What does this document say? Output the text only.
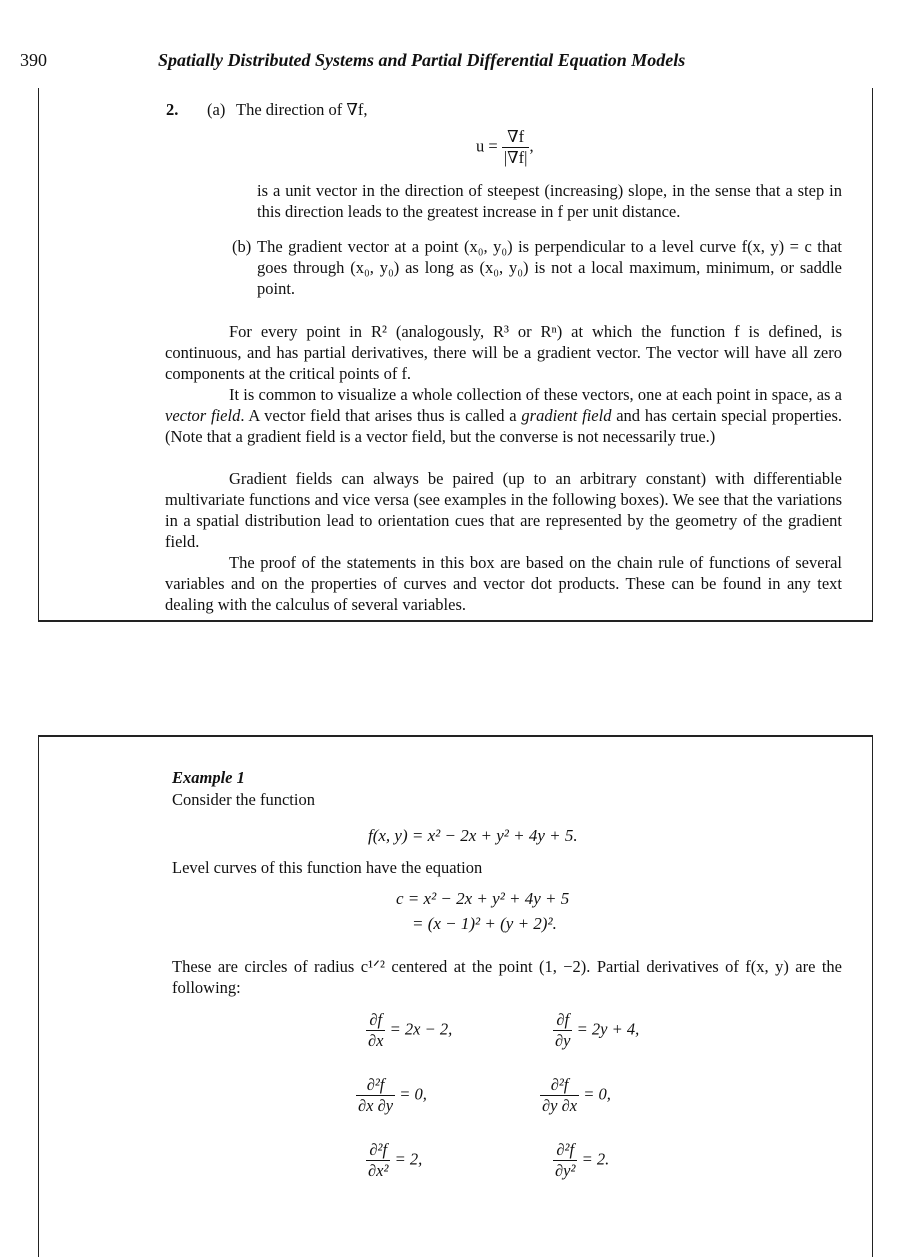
390	Spatially Distributed Systems and Partial Differential Equation Models
2. (a) The direction of ∇f,
$u = \frac{\nabla f}{|\nabla f|}$ ,
is a unit vector in the direction of steepest (increasing) slope, in the sense that a step in this direction leads to the greatest increase in f per unit distance.
(b) The gradient vector at a point (x₀, y₀) is perpendicular to a level curve f(x, y) = c that goes through (x₀, y₀) as long as (x₀, y₀) is not a local maximum, minimum, or saddle point.
For every point in R² (analogously, R³ or Rⁿ) at which the function f is defined, is continuous, and has partial derivatives, there will be a gradient vector. The vector will have all zero components at the critical points of f.
It is common to visualize a whole collection of these vectors, one at each point in space, as a vector field. A vector field that arises thus is called a gradient field and has certain special properties. (Note that a gradient field is a vector field, but the converse is not necessarily true.)
Gradient fields can always be paired (up to an arbitrary constant) with differentiable multivariate functions and vice versa (see examples in the following boxes). We see that the variations in a spatial distribution lead to orientation cues that are represented by the geometry of the gradient field.
The proof of the statements in this box are based on the chain rule of functions of several variables and on the properties of curves and vector dot products. These can be found in any text dealing with the calculus of several variables.
Example 1
Consider the function
f(x, y) = x² − 2x + y² + 4y + 5.
Level curves of this function have the equation
c = x² − 2x + y² + 4y + 5
= (x − 1)² + (y + 2)².
These are circles of radius c¹ᐟ² centered at the point (1, −2). Partial derivatives of f(x, y) are the following:
$\frac{\partial f}{\partial x} = 2x - 2$,	$\frac{\partial f}{\partial y} = 2y + 4$,
$\frac{\text{∂²f}}{\partial x \partial y} = 0$,	$\frac{\text{∂²f}}{\partial y \partial x} = 0$,
$\frac{\text{∂²f}}{\text{∂x²}} = 2$,	$\frac{\text{∂²f}}{\text{∂y²}} = 2$.
